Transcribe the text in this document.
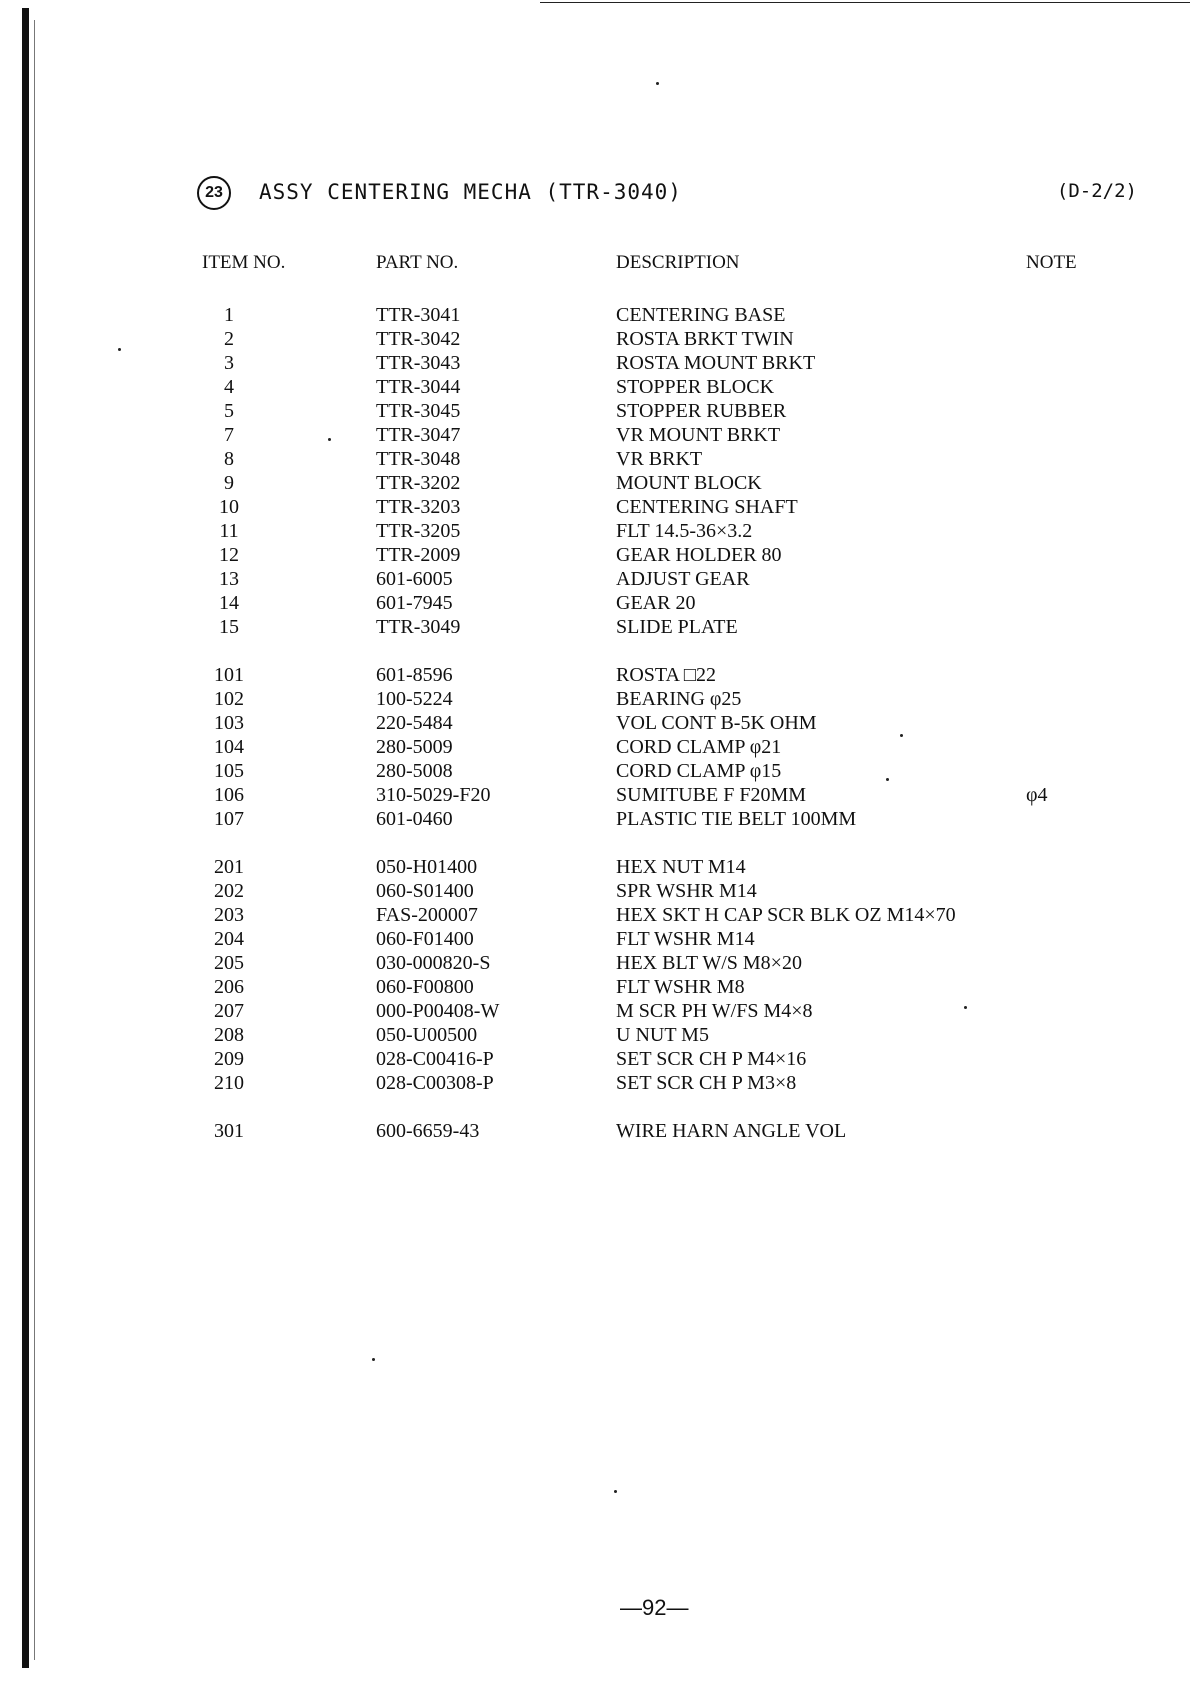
23	ASSY CENTERING MECHA (TTR-3040)	(D-2/2)
ITEM NO.	PART NO.	DESCRIPTION	NOTE
1	TTR-3041	CENTERING BASE
2	TTR-3042	ROSTA BRKT TWIN
3	TTR-3043	ROSTA MOUNT BRKT
4	TTR-3044	STOPPER BLOCK
5	TTR-3045	STOPPER RUBBER
7	TTR-3047	VR MOUNT BRKT
8	TTR-3048	VR BRKT
9	TTR-3202	MOUNT BLOCK
10	TTR-3203	CENTERING SHAFT
11	TTR-3205	FLT 14.5-36×3.2
12	TTR-2009	GEAR HOLDER 80
13	601-6005	ADJUST GEAR
14	601-7945	GEAR 20
15	TTR-3049	SLIDE PLATE
101	601-8596	ROSTA □22
102	100-5224	BEARING φ25
103	220-5484	VOL CONT B-5K OHM
104	280-5009	CORD CLAMP φ21
105	280-5008	CORD CLAMP φ15
106	310-5029-F20	SUMITUBE F F20MM	φ4
107	601-0460	PLASTIC TIE BELT 100MM
201	050-H01400	HEX NUT M14
202	060-S01400	SPR WSHR M14
203	FAS-200007	HEX SKT H CAP SCR BLK OZ M14×70
204	060-F01400	FLT WSHR M14
205	030-000820-S	HEX BLT W/S M8×20
206	060-F00800	FLT WSHR M8
207	000-P00408-W	M SCR PH W/FS M4×8
208	050-U00500	U NUT M5
209	028-C00416-P	SET SCR CH P M4×16
210	028-C00308-P	SET SCR CH P M3×8
301	600-6659-43	WIRE HARN ANGLE VOL
—92—
